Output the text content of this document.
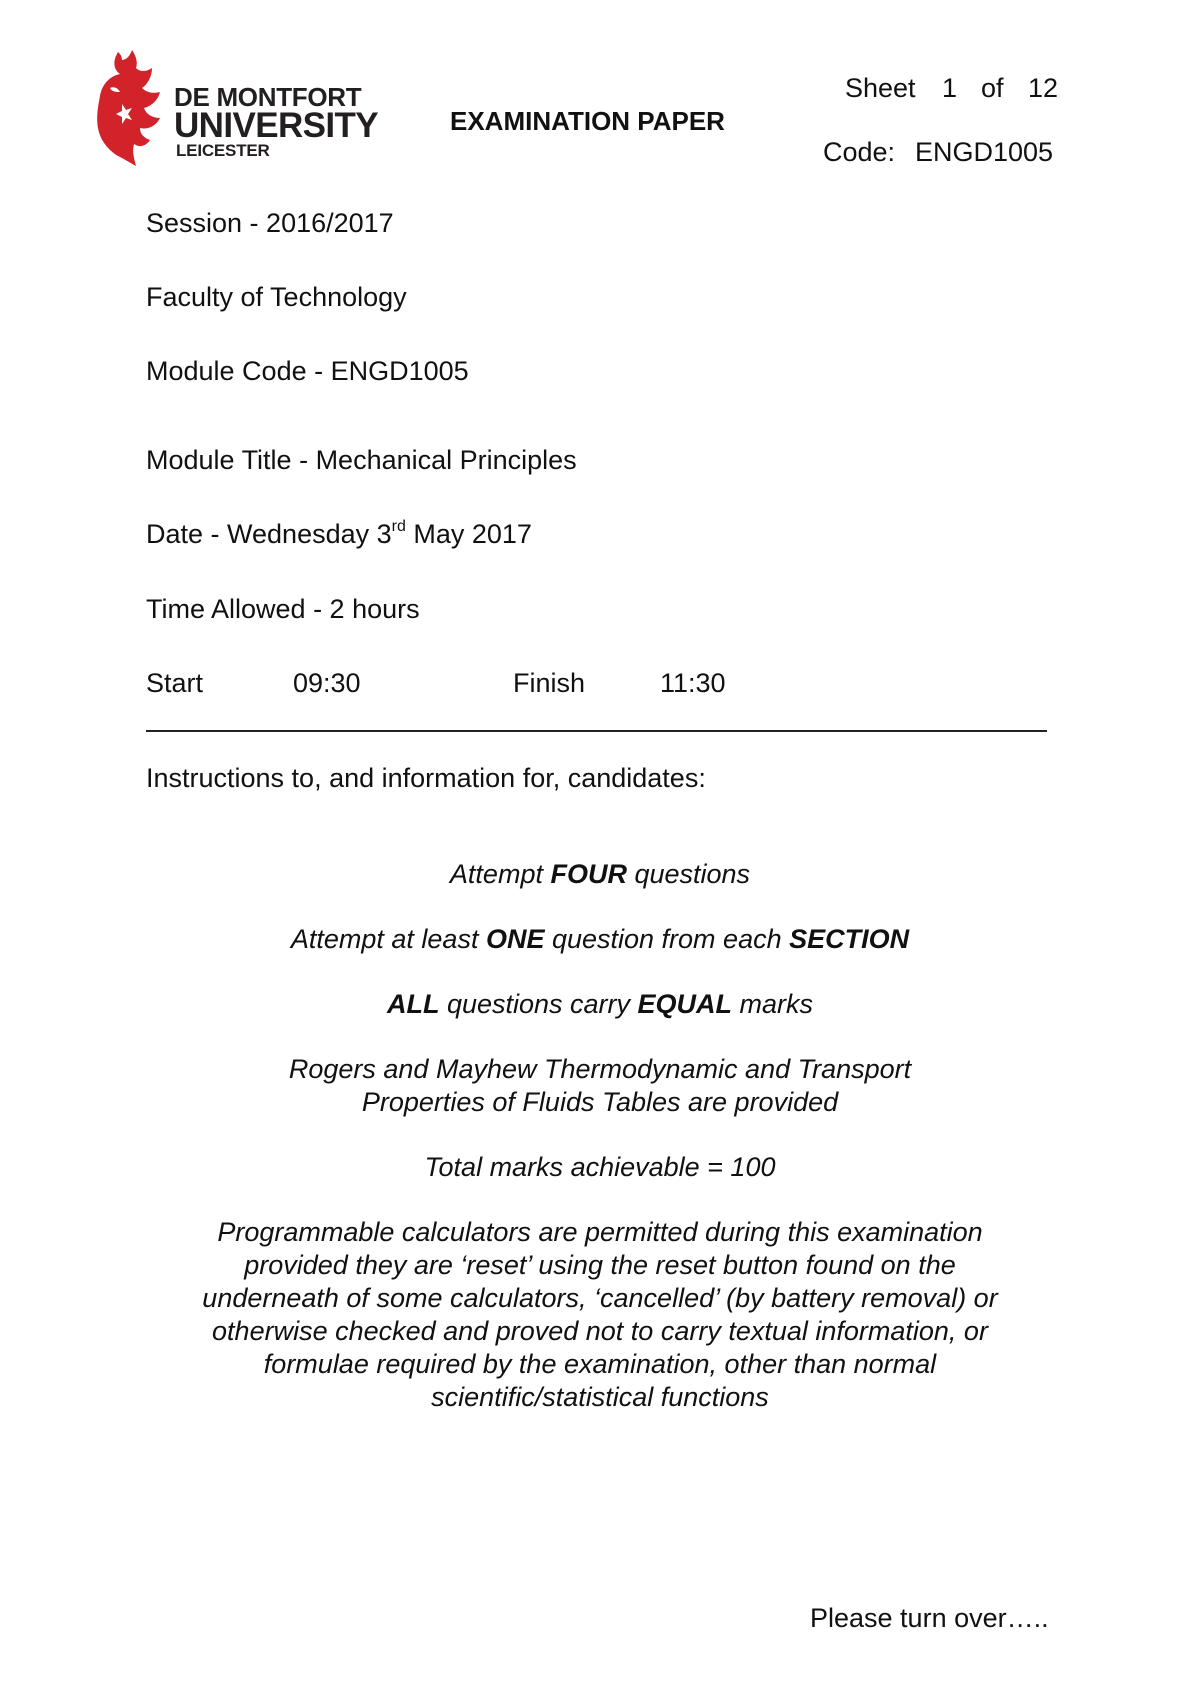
DE MONTFORT
UNIVERSITY
LEICESTER
EXAMINATION PAPER
Sheet 1 of 12
Code: ENGD1005
Session - 2016/2017
Faculty of Technology
Module Code - ENGD1005
Module Title - Mechanical Principles
Date - Wednesday 3rd May 2017
Time Allowed - 2 hours
Start	09:30	Finish	11:30
Instructions to, and information for, candidates:
Attempt FOUR questions
Attempt at least ONE question from each SECTION
ALL questions carry EQUAL marks
Rogers and Mayhew Thermodynamic and Transport
Properties of Fluids Tables are provided
Total marks achievable = 100
Programmable calculators are permitted during this examination
provided they are ‘reset’ using the reset button found on the
underneath of some calculators, ‘cancelled’ (by battery removal) or
otherwise checked and proved not to carry textual information, or
formulae required by the examination, other than normal
scientific/statistical functions
Please turn over…..
